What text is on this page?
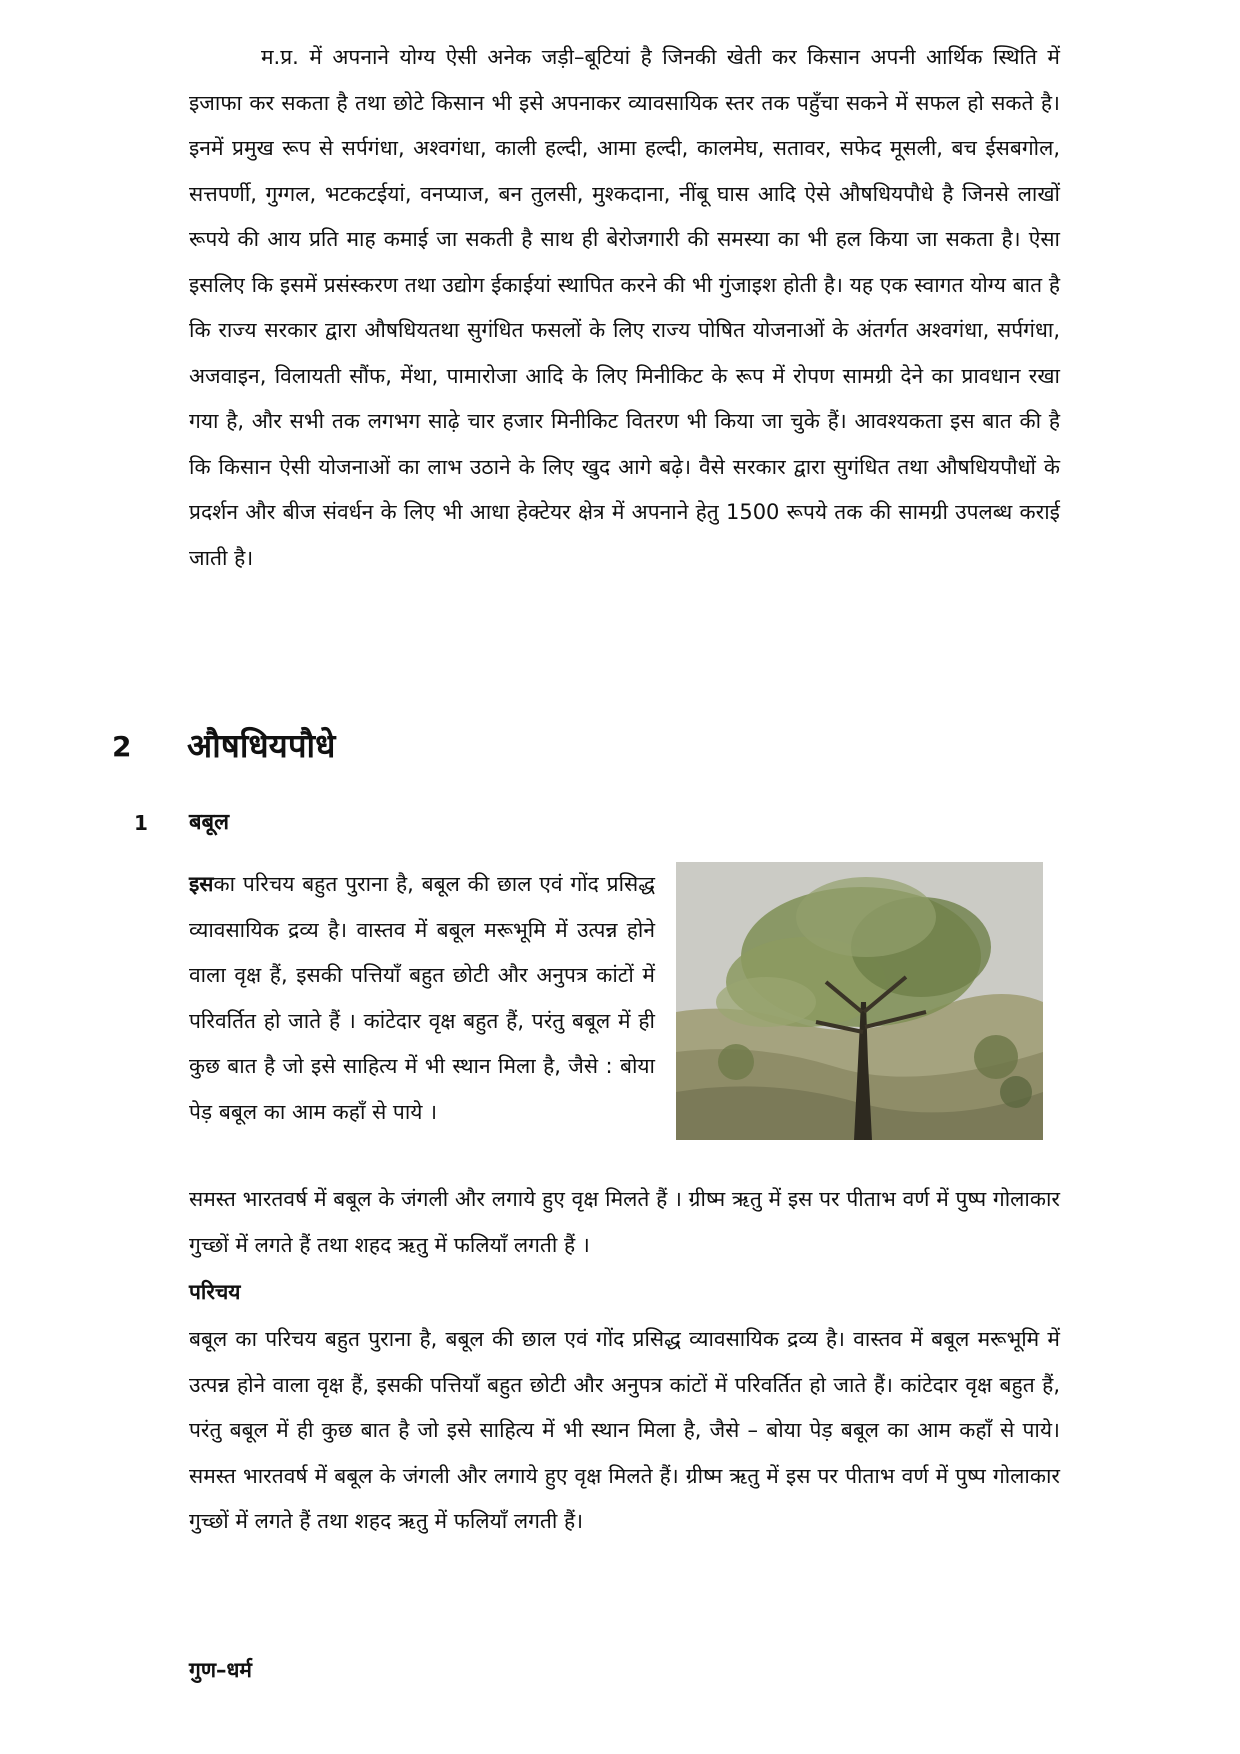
म.प्र. में अपनाने योग्य ऐसी अनेक जड़ी–बूटियां है जिनकी खेती कर किसान अपनी आर्थिक स्थिति में इजाफा कर सकता है तथा छोटे किसान भी इसे अपनाकर व्यावसायिक स्तर तक पहुँचा सकने में सफल हो सकते है। इनमें प्रमुख रूप से सर्पगंधा, अश्वगंधा, काली हल्दी, आमा हल्दी, कालमेघ, सतावर, सफेद मूसली, बच ईसबगोल, सत्तपर्णी, गुग्गल, भटकटईयां, वनप्याज, बन तुलसी, मुश्कदाना, नींबू घास आदि ऐसे औषधियपौधे है जिनसे लाखों रूपये की आय प्रति माह कमाई जा सकती है साथ ही बेरोजगारी की समस्या का भी हल किया जा सकता है। ऐसा इसलिए कि इसमें प्रसंस्करण तथा उद्योग ईकाईयां स्थापित करने की भी गुंजाइश होती है। यह एक स्वागत योग्य बात है कि राज्य सरकार द्वारा औषधियतथा सुगंधित फसलों के लिए राज्य पोषित योजनाओं के अंतर्गत अश्वगंधा, सर्पगंधा, अजवाइन, विलायती सौंफ, मेंथा, पामारोजा आदि के लिए मिनीकिट के रूप में रोपण सामग्री देने का प्रावधान रखा गया है, और सभी तक लगभग साढ़े चार हजार मिनीकिट वितरण भी किया जा चुके हैं। आवश्यकता इस बात की है कि किसान ऐसी योजनाओं का लाभ उठाने के लिए खुद आगे बढ़े। वैसे सरकार द्वारा सुगंधित तथा औषधियपौधों के प्रदर्शन और बीज संवर्धन के लिए भी आधा हेक्टेयर क्षेत्र में अपनाने हेतु 1500 रूपये तक की सामग्री उपलब्ध कराई जाती है।

2 औषधियपौधे
1 बबूल

इसका परिचय बहुत पुराना है, बबूल की छाल एवं गोंद प्रसिद्ध व्यावसायिक द्रव्य है। वास्तव में बबूल मरूभूमि में उत्पन्न होने वाला वृक्ष हैं, इसकी पत्तियॉं बहुत छोटी और अनुपत्र कांटों में परिवर्तित हो जाते हैं । कांटेदार वृक्ष बहुत हैं, परंतु बबूल में ही कुछ बात है जो इसे साहित्य में भी स्थान मिला है, जैसे : बोया पेड़ बबूल का आम कहॉं से पाये ।

समस्त भारतवर्ष में बबूल के जंगली और लगाये हुए वृक्ष मिलते हैं । ग्रीष्म ऋतु में इस पर पीताभ वर्ण में पुष्प गोलाकार गुच्छों में लगते हैं तथा शहद ऋतु में फलियॉं लगती हैं ।

परिचय

बबूल का परिचय बहुत पुराना है, बबूल की छाल एवं गोंद प्रसिद्ध व्यावसायिक द्रव्य है। वास्तव में बबूल मरूभूमि में उत्पन्न होने वाला वृक्ष हैं, इसकी पत्तियॉं बहुत छोटी और अनुपत्र कांटों में परिवर्तित हो जाते हैं। कांटेदार वृक्ष बहुत हैं, परंतु बबूल में ही कुछ बात है जो इसे साहित्य में भी स्थान मिला है, जैसे – बोया पेड़ बबूल का आम कहॉं से पाये। समस्त भारतवर्ष में बबूल के जंगली और लगाये हुए वृक्ष मिलते हैं। ग्रीष्म ऋतु में इस पर पीताभ वर्ण में पुष्प गोलाकार गुच्छों में लगते हैं तथा शहद ऋतु में फलियॉं लगती हैं।

गुण–धर्म
